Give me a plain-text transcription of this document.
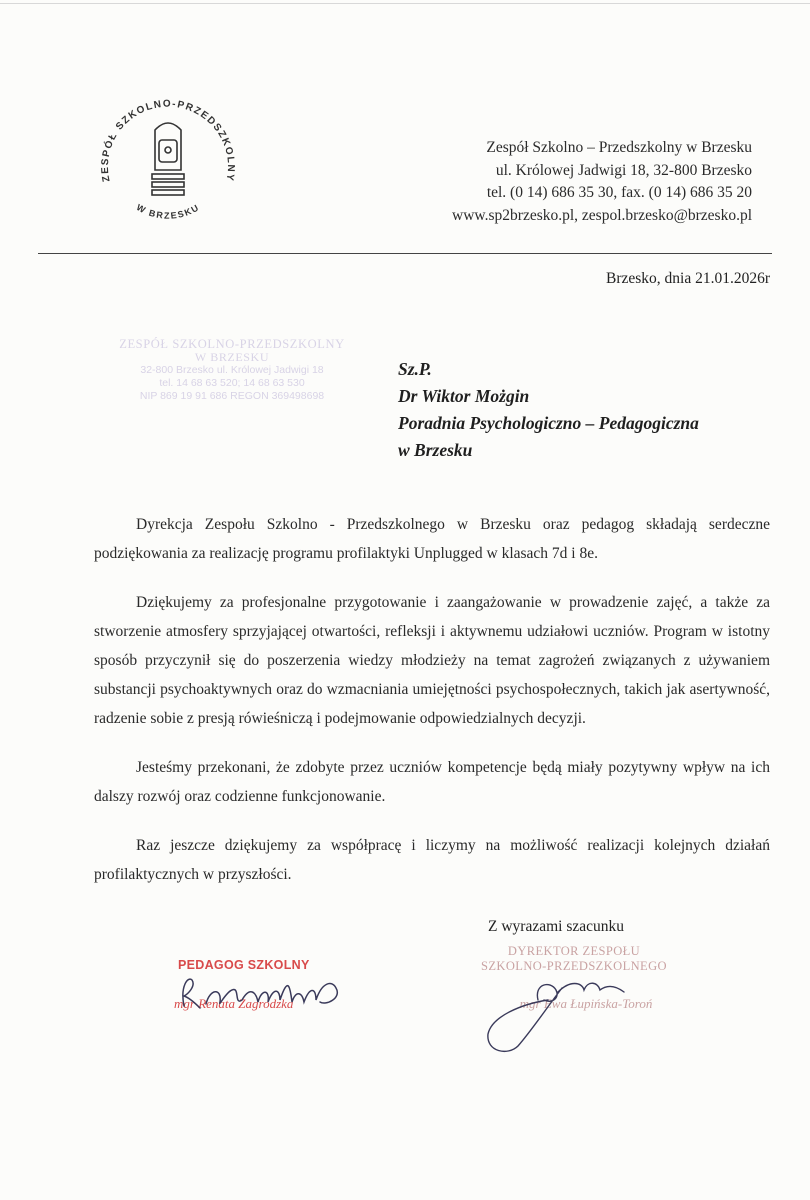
ZESPÓŁ SZKOLNO-PRZEDSZKOLNY
W BRZESKU
Zespół Szkolno – Przedszkolny w Brzesku
ul. Królowej Jadwigi 18, 32-800 Brzesko
tel. (0 14) 686 35 30, fax. (0 14) 686 35 20
www.sp2brzesko.pl, zespol.brzesko@brzesko.pl
Brzesko, dnia 21.01.2026r
ZESPÓŁ SZKOLNO-PRZEDSZKOLNY
W BRZESKU
32-800 Brzesko ul. Królowej Jadwigi 18
tel. 14 68 63 520; 14 68 63 530
NIP 869 19 91 686 REGON 369498698
Sz.P.
Dr Wiktor Możgin
Poradnia Psychologiczno – Pedagogiczna
w Brzesku

Dyrekcja Zespołu Szkolno - Przedszkolnego w Brzesku oraz pedagog składają serdeczne podziękowania za realizację programu profilaktyki Unplugged w klasach 7d i 8e.

Dziękujemy za profesjonalne przygotowanie i zaangażowanie w prowadzenie zajęć, a także za stworzenie atmosfery sprzyjającej otwartości, refleksji i aktywnemu udziałowi uczniów. Program w istotny sposób przyczynił się do poszerzenia wiedzy młodzieży na temat zagrożeń związanych z używaniem substancji psychoaktywnych oraz do wzmacniania umiejętności psychospołecznych, takich jak asertywność, radzenie sobie z presją rówieśniczą i podejmowanie odpowiedzialnych decyzji.

Jesteśmy przekonani, że zdobyte przez uczniów kompetencje będą miały pozytywny wpływ na ich dalszy rozwój oraz codzienne funkcjonowanie.

Raz jeszcze dziękujemy za współpracę i liczymy na możliwość realizacji kolejnych działań profilaktycznych w przyszłości.

Z wyrazami szacunku
PEDAGOG SZKOLNY
mgr Renata Zagrodzka
DYREKTOR ZESPOŁU
SZKOLNO-PRZEDSZKOLNEGO
mgr Ewa Łupińska-Toroń
